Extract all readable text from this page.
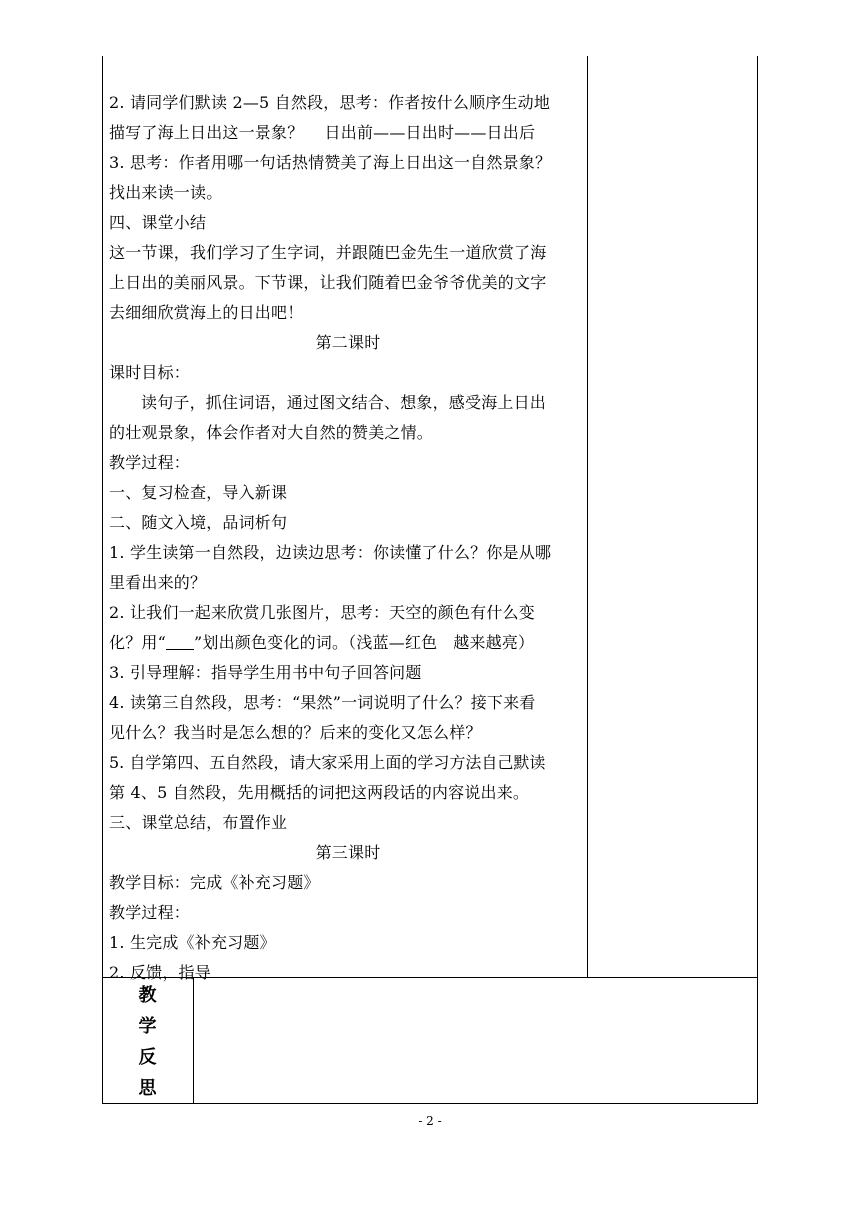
2. 请同学们默读 2—5 自然段，思考：作者按什么顺序生动地
描写了海上日出这一景象？    日出前——日出时——日出后
3. 思考：作者用哪一句话热情赞美了海上日出这一自然景象？
找出来读一读。
四、课堂小结
这一节课，我们学习了生字词，并跟随巴金先生一道欣赏了海
上日出的美丽风景。下节课，让我们随着巴金爷爷优美的文字
去细细欣赏海上的日出吧！
第二课时
课时目标：
读句子，抓住词语，通过图文结合、想象，感受海上日出
的壮观景象，体会作者对大自然的赞美之情。
教学过程：
一、复习检查，导入新课
二、随文入境，品词析句
1. 学生读第一自然段，边读边思考：你读懂了什么？你是从哪
里看出来的？
2. 让我们一起来欣赏几张图片，思考：天空的颜色有什么变
化？用“ ”划出颜色变化的词。（浅蓝—红色   越来越亮）
3. 引导理解：指导学生用书中句子回答问题
4. 读第三自然段，思考：“果然”一词说明了什么？接下来看
见什么？我当时是怎么想的？后来的变化又怎么样？
5. 自学第四、五自然段，请大家采用上面的学习方法自己默读
第 4、5 自然段，先用概括的词把这两段话的内容说出来。
三、课堂总结，布置作业
第三课时
教学目标：完成《补充习题》
教学过程：
1. 生完成《补充习题》
2. 反馈，指导
教
学
反
思
- 2 -
